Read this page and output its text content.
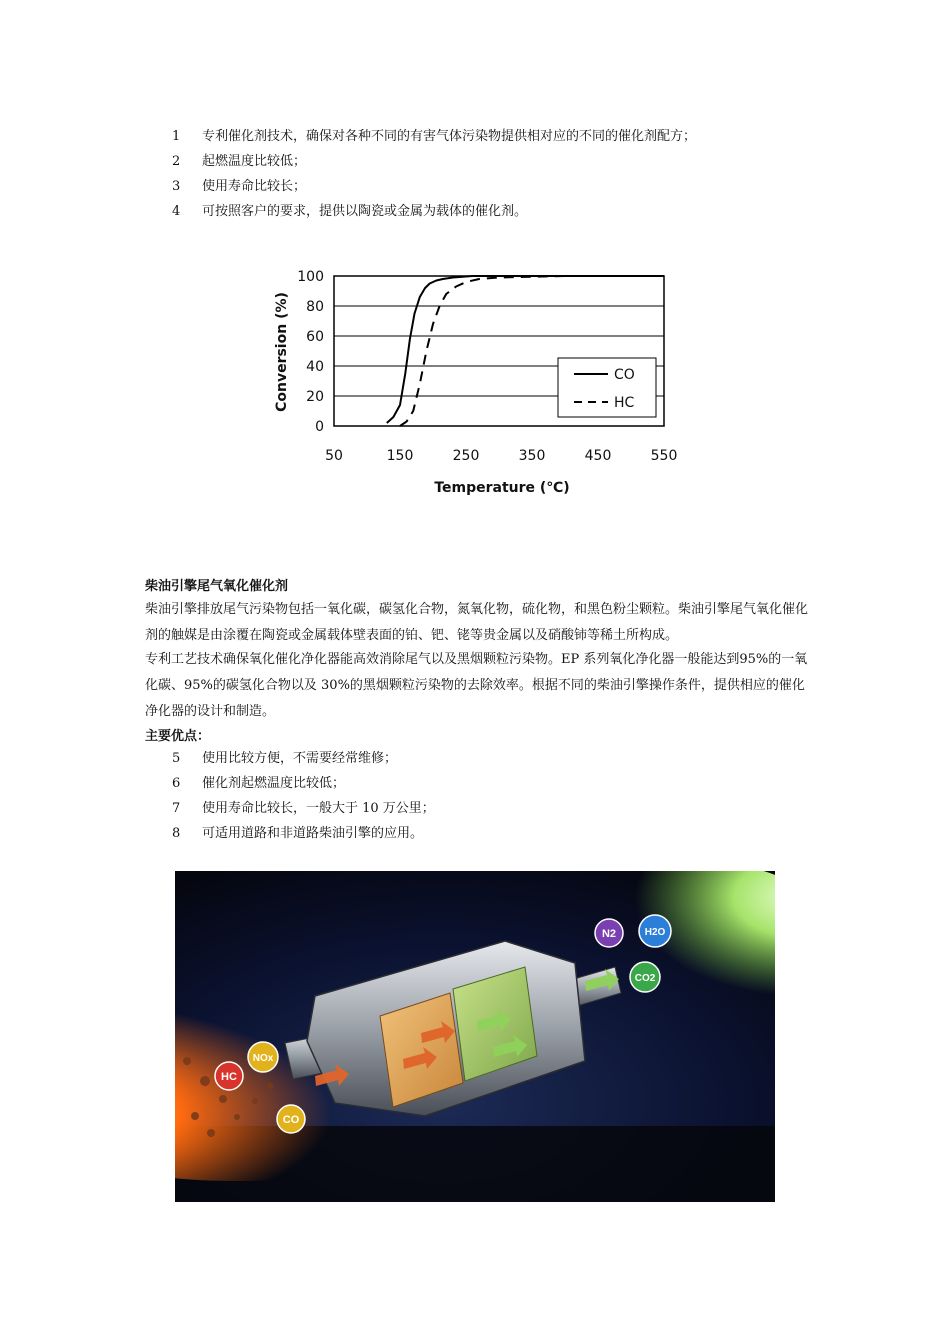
1	专利催化剂技术，确保对各种不同的有害气体污染物提供相对应的不同的催化剂配方；
2	起燃温度比较低；
3	使用寿命比较长；
4	可按照客户的要求，提供以陶瓷或金属为载体的催化剂。
0
20
40
60
80
100
50	150	250	350	450	550
Conversion (%)
Temperature (℃)
CO
HC
柴油引擎尾气氧化催化剂
柴油引擎排放尾气污染物包括一氧化碳，碳氢化合物，氮氧化物，硫化物，和黑色粉尘颗粒。柴油引擎尾气氧化催化剂的触媒是由涂覆在陶瓷或金属载体壁表面的铂、钯、铑等贵金属以及硝酸铈等稀土所构成。
专利工艺技术确保氧化催化净化器能高效消除尾气以及黑烟颗粒污染物。EP 系列氧化净化器一般能达到95%的一氧化碳、95%的碳氢化合物以及 30%的黑烟颗粒污染物的去除效率。根据不同的柴油引擎操作条件，提供相应的催化净化器的设计和制造。
主要优点：
5	使用比较方便，不需要经常维修；
6	催化剂起燃温度比较低；
7	使用寿命比较长，一般大于 10 万公里；
8	可适用道路和非道路柴油引擎的应用。
HC
NOx
CO
N2	H2O
CO2
